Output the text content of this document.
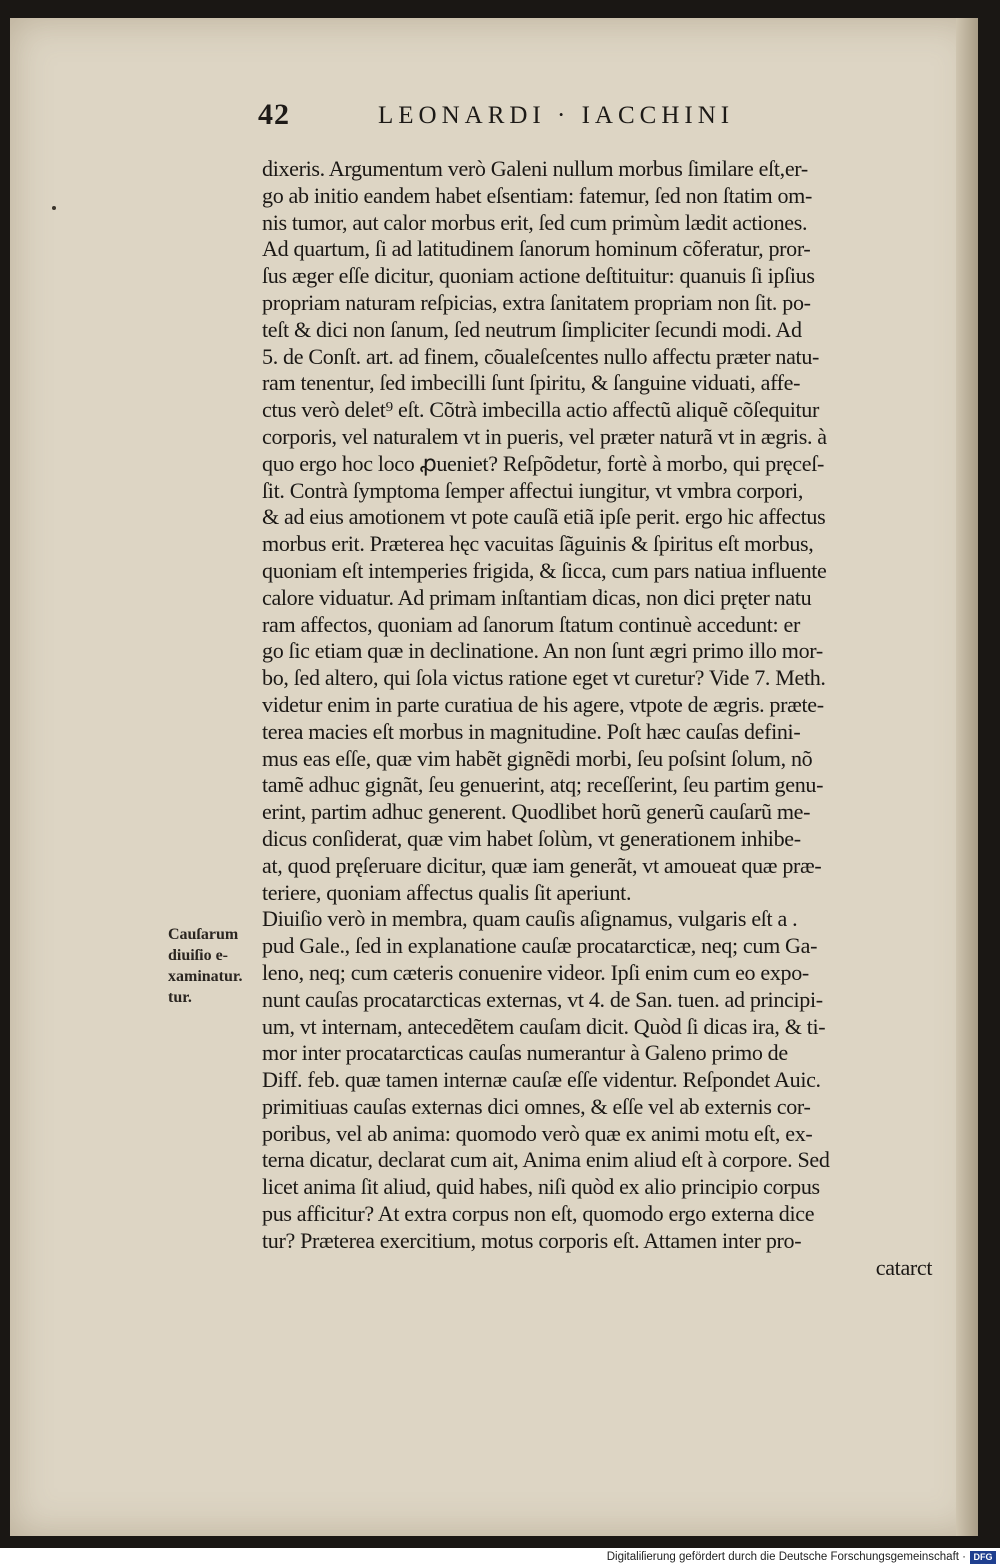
42	LEONARDI · IACCHINI
dixeris. Argumentum verò Galeni nullum morbus ſimilare eſt,er-
go ab initio eandem habet eſsentiam: fatemur, ſed non ſtatim om-
nis tumor, aut calor morbus erit, ſed cum primùm lædit actiones.
Ad quartum, ſi ad latitudinem ſanorum hominum cõferatur, pror-
ſus æger eſſe dicitur, quoniam actione deſtituitur: quanuis ſi ipſius
propriam naturam reſpicias, extra ſanitatem propriam non ſit. po-
teſt & dici non ſanum, ſed neutrum ſimpliciter ſecundi modi. Ad
5. de Conſt. art. ad finem, cõualeſcentes nullo affectu præter natu-
ram tenentur, ſed imbecilli ſunt ſpiritu, & ſanguine viduati, affe-
ctus verò delet⁹ eſt. Cõtrà imbecilla actio affectũ aliquẽ cõſequitur
corporis, vel naturalem vt in pueris, vel præter naturã vt in ægris. à
quo ergo hoc loco ꝓueniet? Reſpõdetur, fortè à morbo, qui pręceſ-
ſit. Contrà ſymptoma ſemper affectui iungitur, vt vmbra corpori,
& ad eius amotionem vt pote cauſã etiã ipſe perit. ergo hic affectus
morbus erit. Præterea hęc vacuitas ſãguinis & ſpiritus eſt morbus,
quoniam eſt intemperies frigida, & ſicca, cum pars natiua influente
calore viduatur. Ad primam inſtantiam dicas, non dici pręter natu
ram affectos, quoniam ad ſanorum ſtatum continuè accedunt: er
go ſic etiam quæ in declinatione. An non ſunt ægri primo illo mor-
bo, ſed altero, qui ſola victus ratione eget vt curetur? Vide 7. Meth.
videtur enim in parte curatiua de his agere, vtpote de ægris. præte-
terea macies eſt morbus in magnitudine. Poſt hæc cauſas defini-
mus eas eſſe, quæ vim habẽt gignẽdi morbi, ſeu poſsint ſolum, nõ
tamẽ adhuc gignãt, ſeu genuerint, atq; receſſerint, ſeu partim genu-
erint, partim adhuc generent. Quodlibet horũ generũ cauſarũ me-
dicus conſiderat, quæ vim habet ſolùm, vt generationem inhibe-
at, quod pręſeruare dicitur, quæ iam generãt, vt amoueat quæ præ-
teriere, quoniam affectus qualis ſit aperiunt.
Diuiſio verò in membra, quam cauſis aſignamus, vulgaris eſt a .
pud Gale., ſed in explanatione cauſæ procatarcticæ, neq; cum Ga-
leno, neq; cum cæteris conuenire videor. Ipſi enim cum eo expo-
nunt cauſas procatarcticas externas, vt 4. de San. tuen. ad principi-
um, vt internam, antecedẽtem cauſam dicit. Quòd ſi dicas ira, & ti-
mor inter procatarcticas cauſas numerantur à Galeno primo de
Diff. feb. quæ tamen internæ cauſæ eſſe videntur. Reſpondet Auic.
primitiuas cauſas externas dici omnes, & eſſe vel ab externis cor-
poribus, vel ab anima: quomodo verò quæ ex animi motu eſt, ex-
terna dicatur, declarat cum ait, Anima enim aliud eſt à corpore. Sed
licet anima ſit aliud, quid habes, niſi quòd ex alio principio corpus
pus afficitur? At extra corpus non eſt, quomodo ergo externa dice
tur? Præterea exercitium, motus corporis eſt. Attamen inter pro-
catarct
Cauſarum
diuiſio e-
xaminatur.
tur.
Digitaliſierung gefördert durch die Deutsche Forschungsgemeinschaft · DFG
